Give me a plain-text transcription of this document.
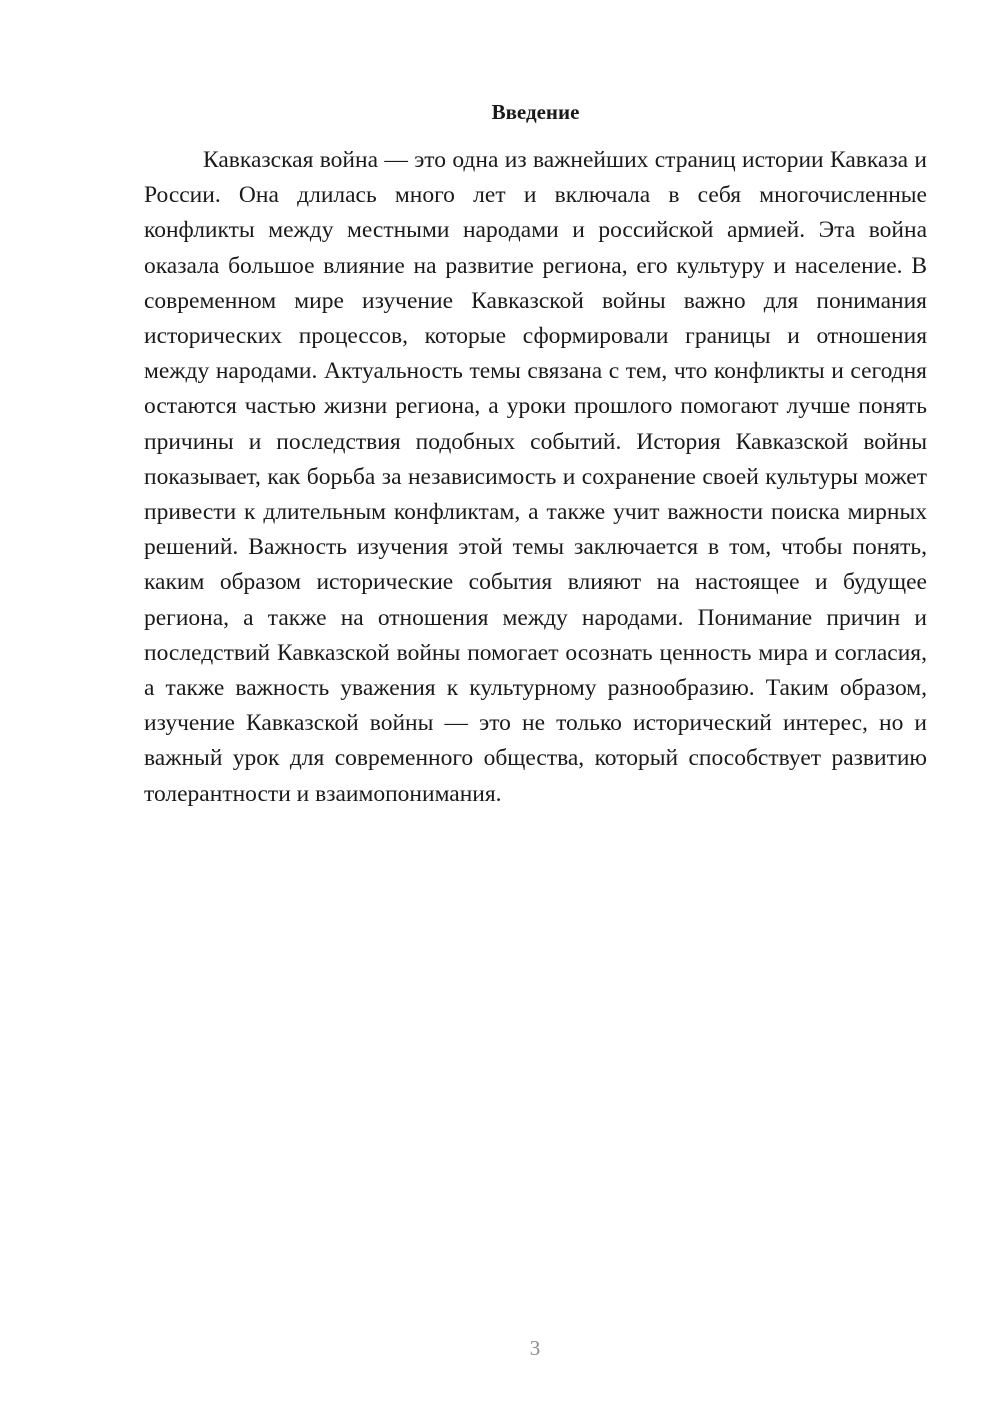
Введение

Кавказская война — это одна из важнейших страниц истории Кавказа и России. Она длилась много лет и включала в себя многочисленные конфликты между местными народами и российской армией. Эта война оказала большое влияние на развитие региона, его культуру и население. В современном мире изучение Кавказской войны важно для понимания исторических процессов, которые сформировали границы и отношения между народами. Актуальность темы связана с тем, что конфликты и сегодня остаются частью жизни региона, а уроки прошлого помогают лучше понять причины и последствия подобных событий. История Кавказской войны показывает, как борьба за независимость и сохранение своей культуры может привести к длительным конфликтам, а также учит важности поиска мирных решений. Важность изучения этой темы заключается в том, чтобы понять, каким образом исторические события влияют на настоящее и будущее региона, а также на отношения между народами. Понимание причин и последствий Кавказской войны помогает осознать ценность мира и согласия, а также важность уважения к культурному разнообразию. Таким образом, изучение Кавказской войны — это не только исторический интерес, но и важный урок для современного общества, который способствует развитию толерантности и взаимопонимания.

3
